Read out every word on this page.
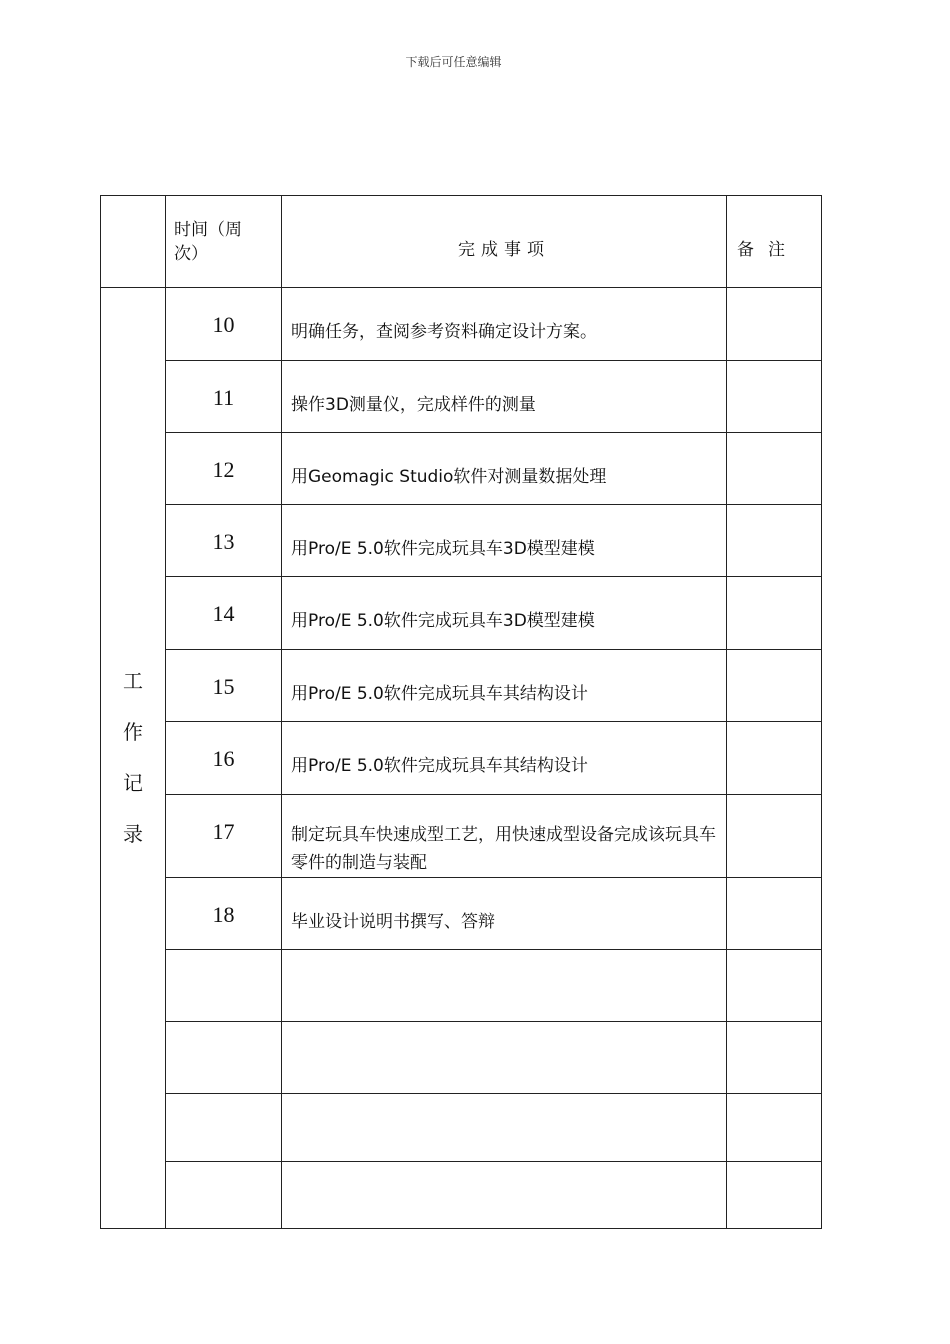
下载后可任意编辑

	时间（周
次）	完成事项	备注

工
作
记
录	10	明确任务，查阅参考资料确定设计方案。	
	11	操作3D测量仪，完成样件的测量	
	12	用Geomagic Studio软件对测量数据处理	
	13	用Pro/E 5.0软件完成玩具车3D模型建模	
	14	用Pro/E 5.0软件完成玩具车3D模型建模	
	15	用Pro/E 5.0软件完成玩具车其结构设计	
	16	用Pro/E 5.0软件完成玩具车其结构设计	
	17	制定玩具车快速成型工艺，用快速成型设备完成该玩具车零件的制造与装配	
	18	毕业设计说明书撰写、答辩	
